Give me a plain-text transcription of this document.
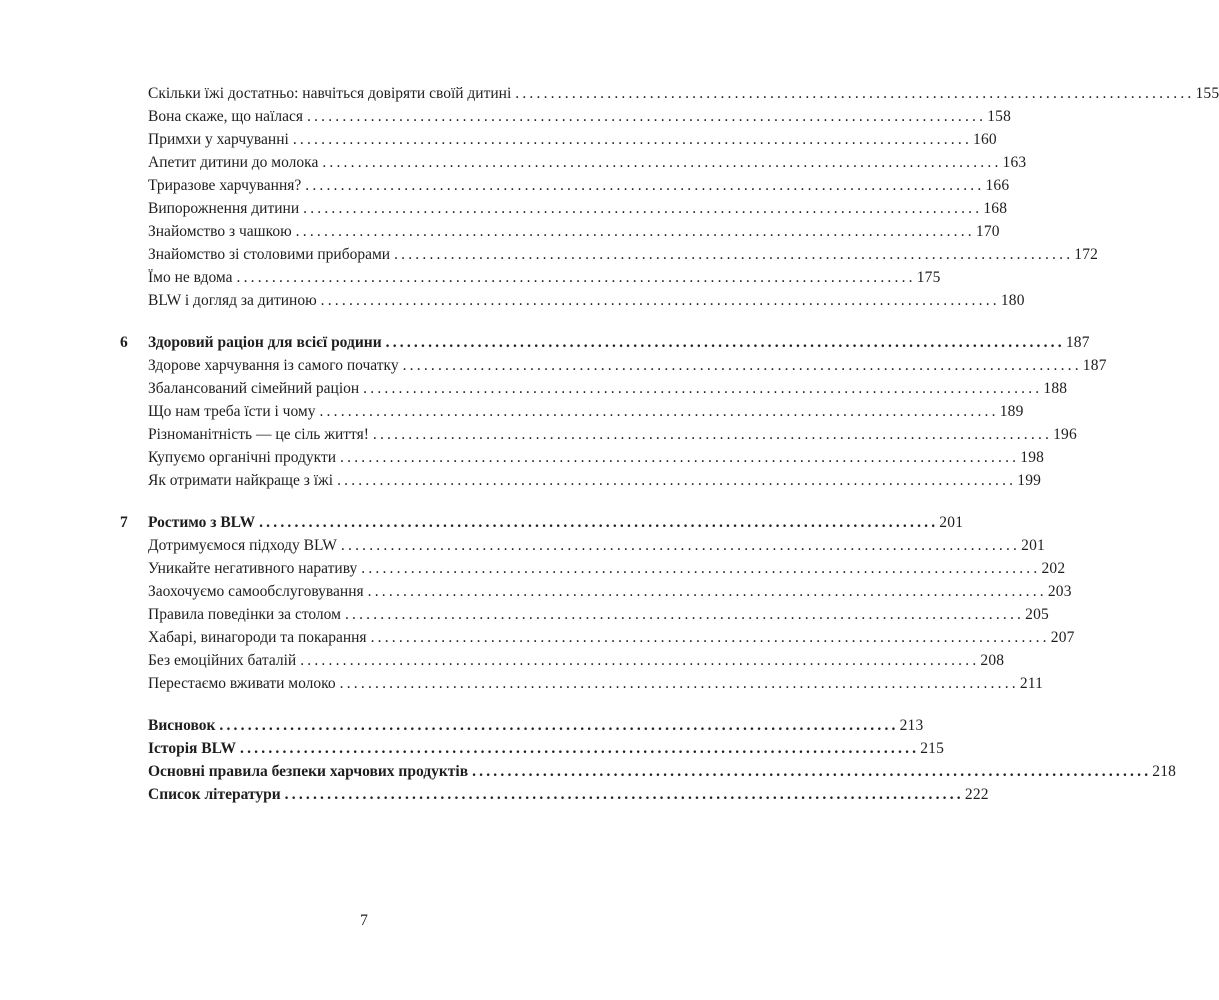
Скільки їжі достатньо: навчіться довіряти своїй дитині ................................................................................................ 155
Вона скаже, що наїлася ................................................................................................ 158
Примхи у харчуванні ................................................................................................ 160
Апетит дитини до молока ................................................................................................ 163
Триразове харчування? ................................................................................................ 166
Випорожнення дитини ................................................................................................ 168
Знайомство з чашкою ................................................................................................ 170
Знайомство зі столовими приборами ................................................................................................ 172
Їмо не вдома ................................................................................................ 175
BLW і догляд за дитиною ................................................................................................ 180
6	Здоровий раціон для всієї родини ................................................................................................ 187
Здорове харчування із самого початку ................................................................................................ 187
Збалансований сімейний раціон ................................................................................................ 188
Що нам треба їсти і чому ................................................................................................ 189
Різноманітність — це сіль життя! ................................................................................................ 196
Купуємо органічні продукти ................................................................................................ 198
Як отримати найкраще з їжі ................................................................................................ 199
7	Ростимо з BLW ................................................................................................ 201
Дотримуємося підходу BLW ................................................................................................ 201
Уникайте негативного наративу ................................................................................................ 202
Заохочуємо самообслуговування ................................................................................................ 203
Правила поведінки за столом ................................................................................................ 205
Хабарі, винагороди та покарання ................................................................................................ 207
Без емоційних баталій ................................................................................................ 208
Перестаємо вживати молоко ................................................................................................ 211
Висновок ................................................................................................ 213
Історія BLW ................................................................................................ 215
Основні правила безпеки харчових продуктів ................................................................................................ 218
Список літератури ................................................................................................ 222
7
